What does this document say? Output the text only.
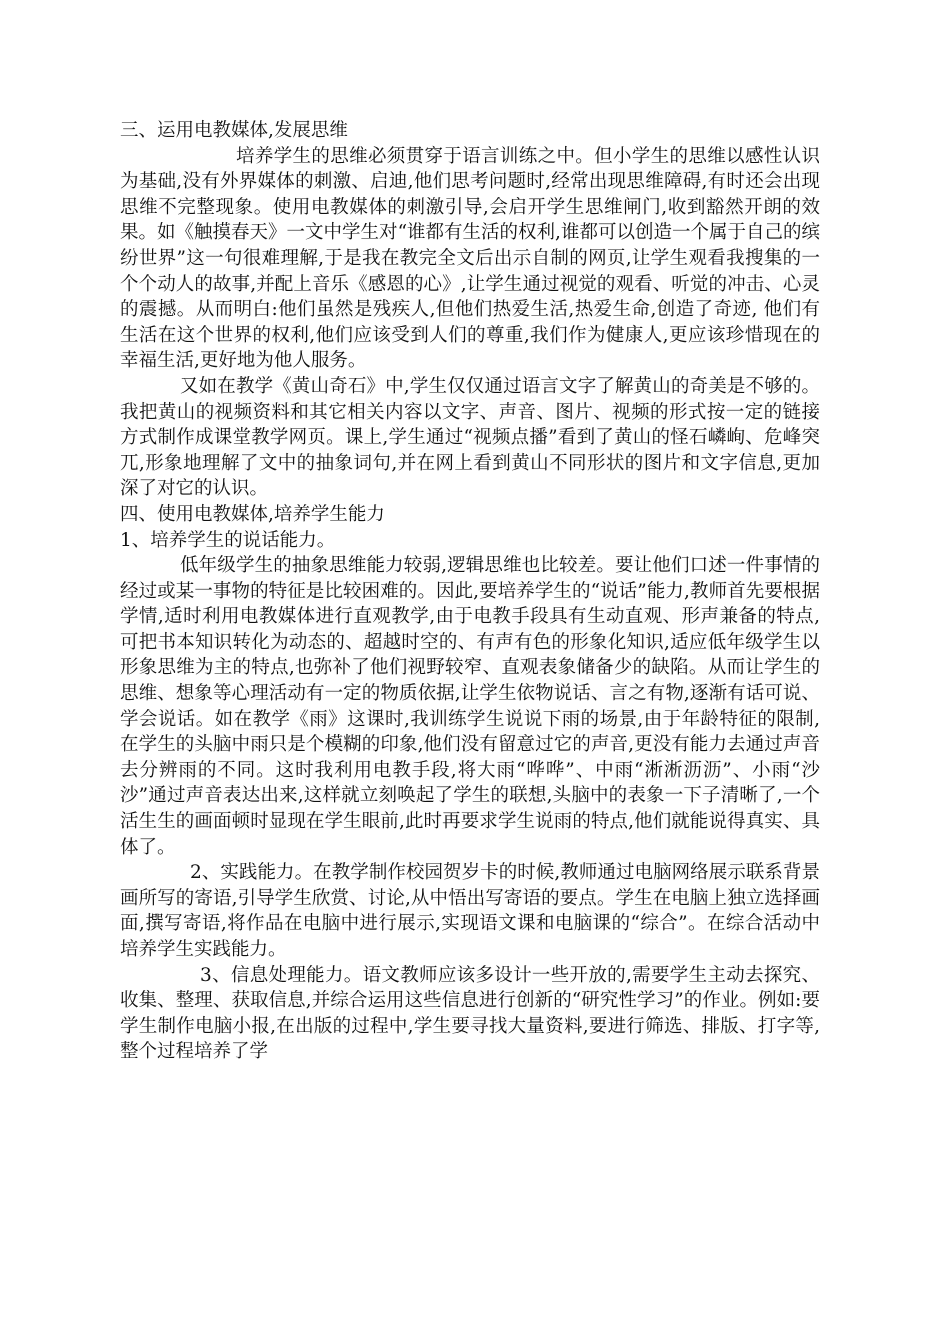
三、运用电教媒体,发展思维

培养学生的思维必须贯穿于语言训练之中。但小学生的思维以感性认识为基础,没有外界媒体的刺激、启迪,他们思考问题时,经常出现思维障碍,有时还会出现思维不完整现象。使用电教媒体的刺激引导,会启开学生思维闸门,收到豁然开朗的效果。如《触摸春天》一文中学生对“谁都有生活的权利,谁都可以创造一个属于自己的缤纷世界”这一句很难理解,于是我在教完全文后出示自制的网页,让学生观看我搜集的一个个动人的故事,并配上音乐《感恩的心》,让学生通过视觉的观看、听觉的冲击、心灵的震撼。从而明白:他们虽然是残疾人,但他们热爱生活,热爱生命,创造了奇迹, 他们有生活在这个世界的权利,他们应该受到人们的尊重,我们作为健康人,更应该珍惜现在的幸福生活,更好地为他人服务。

又如在教学《黄山奇石》中,学生仅仅通过语言文字了解黄山的奇美是不够的。我把黄山的视频资料和其它相关内容以文字、声音、图片、视频的形式按一定的链接方式制作成课堂教学网页。课上,学生通过“视频点播”看到了黄山的怪石嶙峋、危峰突兀,形象地理解了文中的抽象词句,并在网上看到黄山不同形状的图片和文字信息,更加深了对它的认识。

四、使用电教媒体,培养学生能力

1、培养学生的说话能力。

低年级学生的抽象思维能力较弱,逻辑思维也比较差。要让他们口述一件事情的经过或某一事物的特征是比较困难的。因此,要培养学生的“说话”能力,教师首先要根据学情,适时利用电教媒体进行直观教学,由于电教手段具有生动直观、形声兼备的特点,可把书本知识转化为动态的、超越时空的、有声有色的形象化知识,适应低年级学生以形象思维为主的特点,也弥补了他们视野较窄、直观表象储备少的缺陷。从而让学生的思维、想象等心理活动有一定的物质依据,让学生依物说话、言之有物,逐渐有话可说、学会说话。如在教学《雨》这课时,我训练学生说说下雨的场景,由于年龄特征的限制,在学生的头脑中雨只是个模糊的印象,他们没有留意过它的声音,更没有能力去通过声音去分辨雨的不同。这时我利用电教手段,将大雨“哗哗”、中雨“淅淅沥沥”、小雨“沙沙”通过声音表达出来,这样就立刻唤起了学生的联想,头脑中的表象一下子清晰了,一个活生生的画面顿时显现在学生眼前,此时再要求学生说雨的特点,他们就能说得真实、具体了。

2、实践能力。在教学制作校园贺岁卡的时候,教师通过电脑网络展示联系背景画所写的寄语,引导学生欣赏、讨论,从中悟出写寄语的要点。学生在电脑上独立选择画面,撰写寄语,将作品在电脑中进行展示,实现语文课和电脑课的“综合”。在综合活动中培养学生实践能力。

3、信息处理能力。语文教师应该多设计一些开放的,需要学生主动去探究、收集、整理、获取信息,并综合运用这些信息进行创新的“研究性学习”的作业。例如:要学生制作电脑小报,在出版的过程中,学生要寻找大量资料,要进行筛选、排版、打字等,整个过程培养了学
